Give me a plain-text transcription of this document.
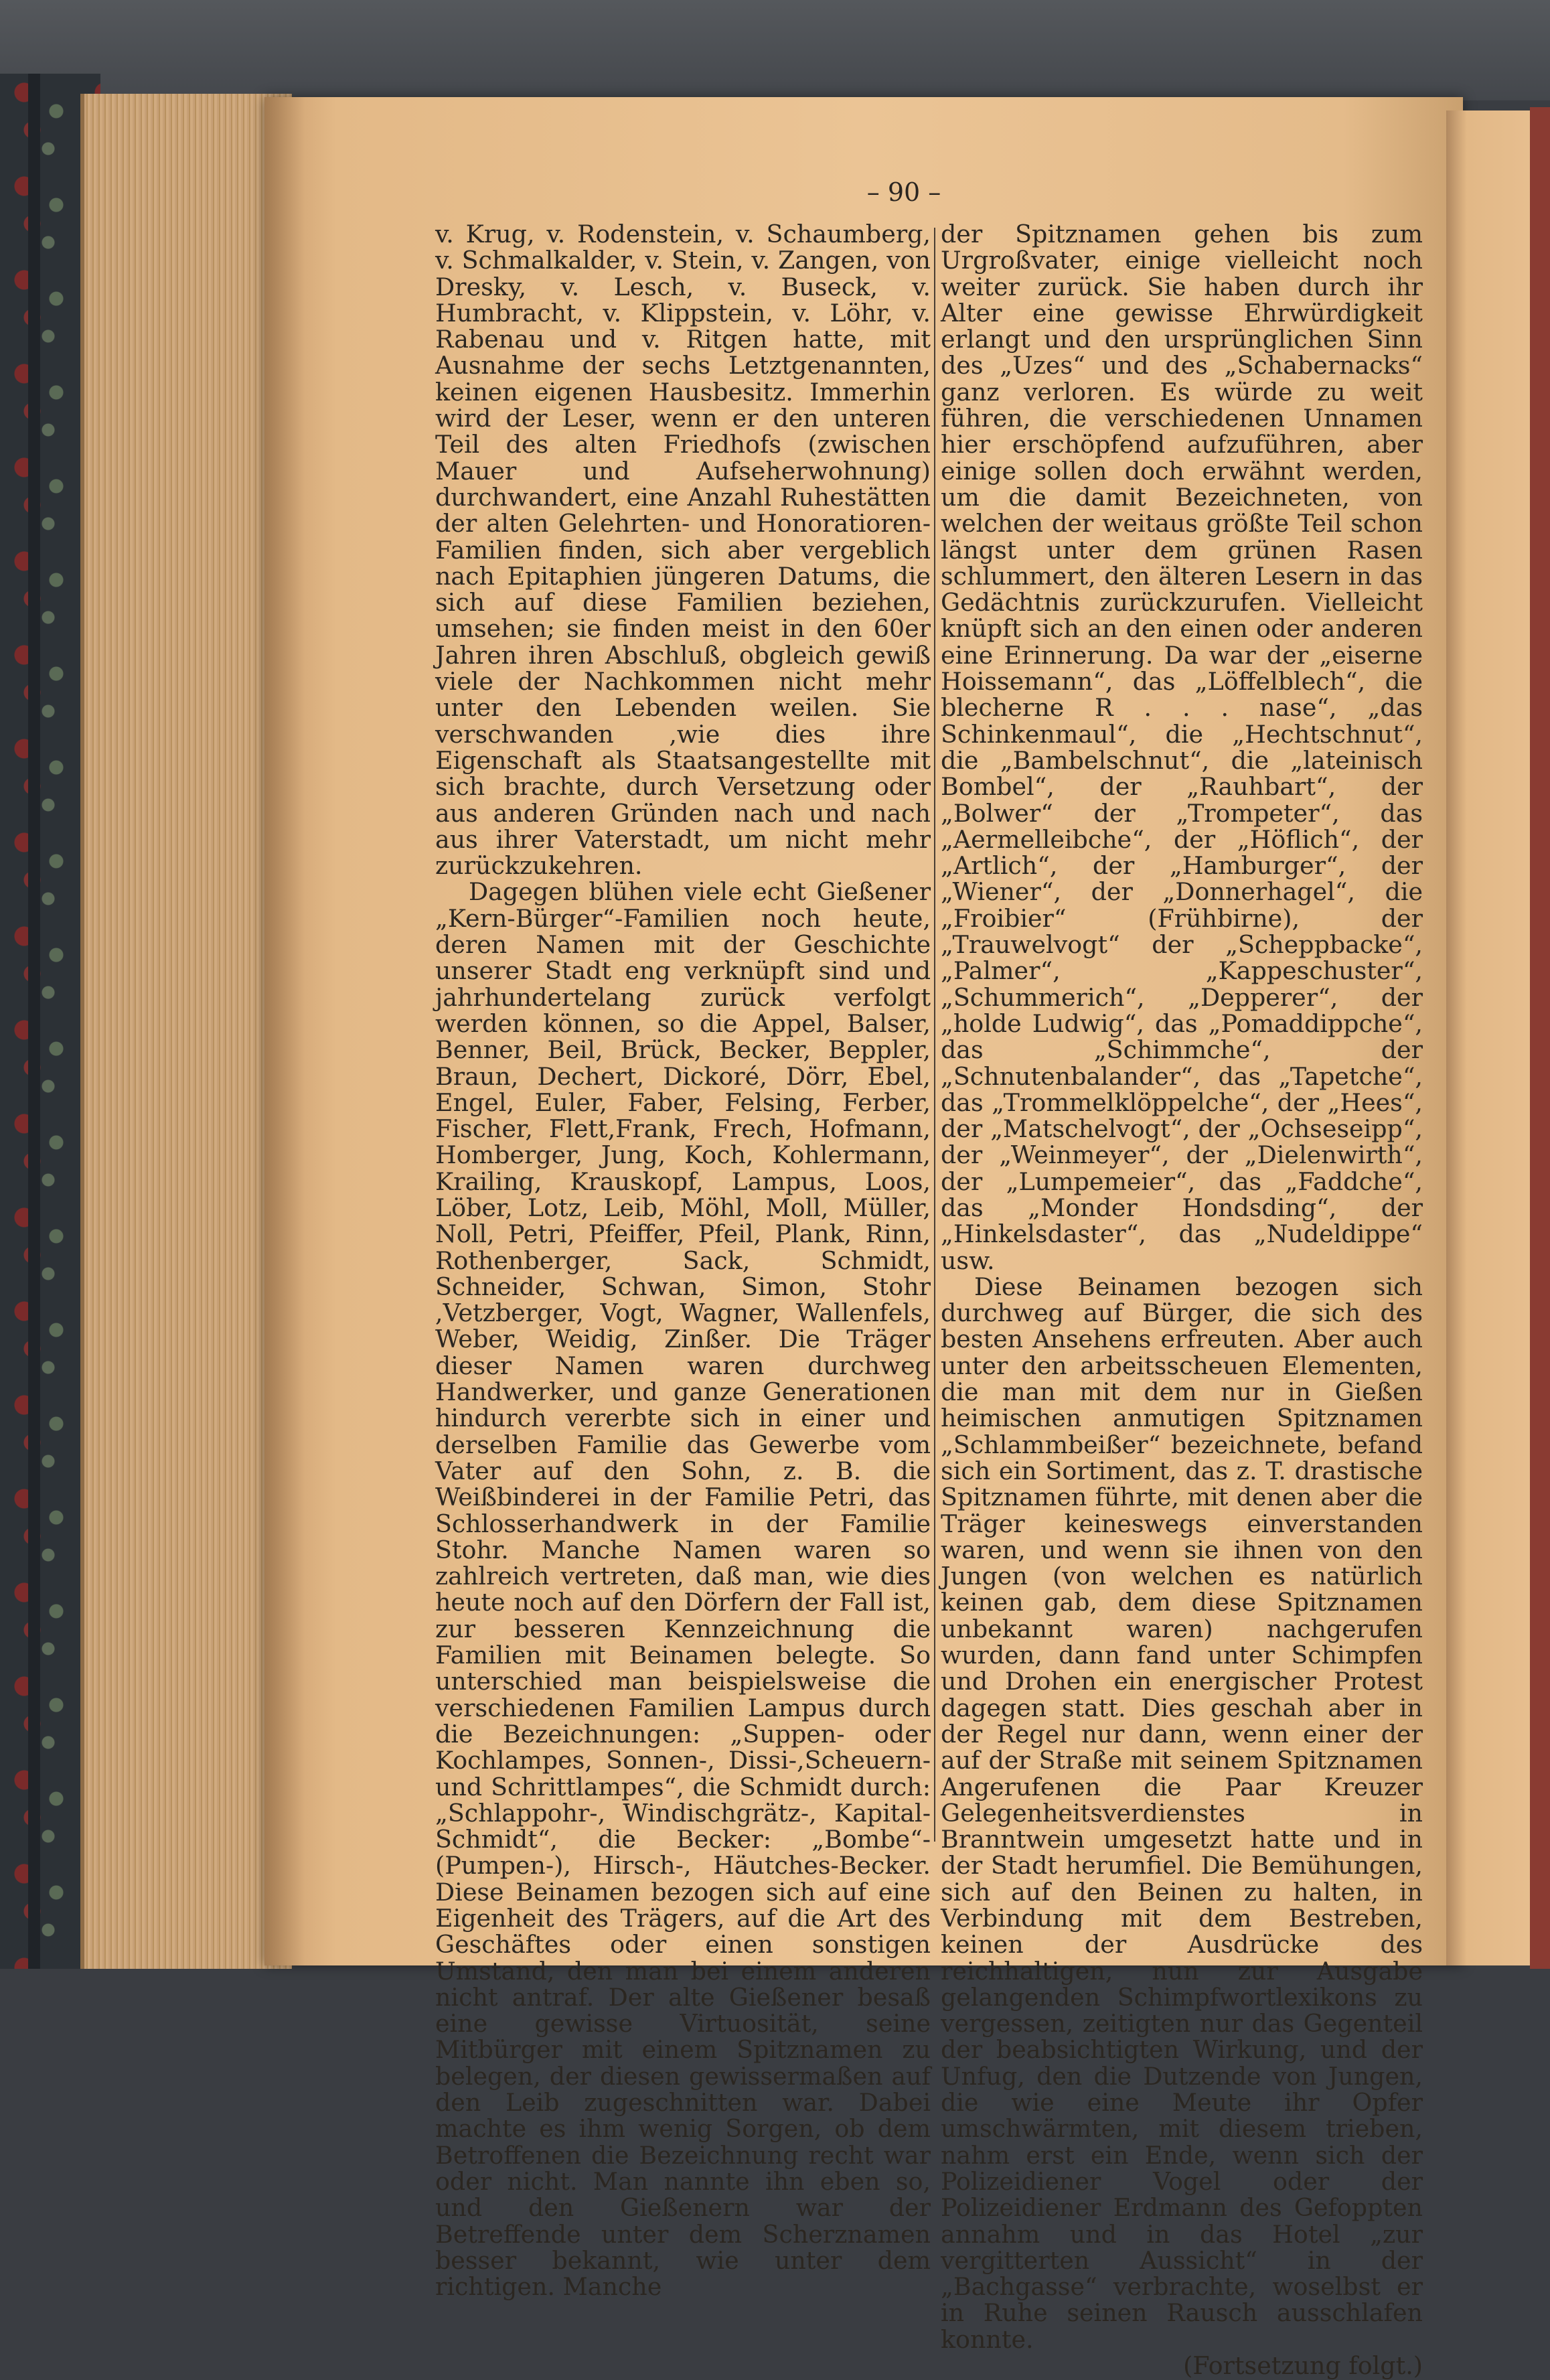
– 90 –

v. Krug, v. Rodenstein, v. Schaumberg, v. Schmalkalder, v. Stein, v. Zangen, von Dresky, v. Lesch, v. Buseck, v. Humbracht, v. Klippstein, v. Löhr, v. Rabenau und v. Ritgen hatte, mit Ausnahme der sechs Letztgenannten, keinen eigenen Hausbesitz. Immerhin wird der Leser, wenn er den unteren Teil des alten Friedhofs (zwischen Mauer und Aufseherwohnung) durchwandert, eine Anzahl Ruhestätten der alten Gelehrten- und Honoratioren-Familien finden, sich aber vergeblich nach Epitaphien jüngeren Datums, die sich auf diese Familien beziehen, umsehen; sie finden meist in den 60er Jahren ihren Abschluß, obgleich gewiß viele der Nachkommen nicht mehr unter den Lebenden weilen. Sie verschwanden ,wie dies ihre Eigenschaft als Staatsangestellte mit sich brachte, durch Versetzung oder aus anderen Gründen nach und nach aus ihrer Vaterstadt, um nicht mehr zurückzukehren.

Dagegen blühen viele echt Gießener „Kern-Bürger“-Familien noch heute, deren Namen mit der Geschichte unserer Stadt eng verknüpft sind und jahrhundertelang zurück verfolgt werden können, so die Appel, Balser, Benner, Beil, Brück, Becker, Beppler, Braun, Dechert, Dickoré, Dörr, Ebel, Engel, Euler, Faber, Felsing, Ferber, Fischer, Flett,Frank, Frech, Hofmann, Homberger, Jung, Koch, Kohlermann, Krailing, Krauskopf, Lampus, Loos, Löber, Lotz, Leib, Möhl, Moll, Müller, Noll, Petri, Pfeiffer, Pfeil, Plank, Rinn, Rothenberger, Sack, Schmidt, Schneider, Schwan, Simon, Stohr ,Vetzberger, Vogt, Wagner, Wallenfels, Weber, Weidig, Zinßer. Die Träger dieser Namen waren durchweg Handwerker, und ganze Generationen hindurch vererbte sich in einer und derselben Familie das Gewerbe vom Vater auf den Sohn, z. B. die Weißbinderei in der Familie Petri, das Schlosserhandwerk in der Familie Stohr. Manche Namen waren so zahlreich vertreten, daß man, wie dies heute noch auf den Dörfern der Fall ist, zur besseren Kennzeichnung die Familien mit Beinamen belegte. So unterschied man beispielsweise die verschiedenen Familien Lampus durch die Bezeichnungen: „Suppen- oder Kochlampes, Sonnen-, Dissi-,Scheuern- und Schrittlampes“, die Schmidt durch: „Schlappohr-, Windischgrätz-, Kapital-Schmidt“, die Becker: „Bombe“- (Pumpen-), Hirsch-, Häutches-Becker. Diese Beinamen bezogen sich auf eine Eigenheit des Trägers, auf die Art des Geschäftes oder einen sonstigen Umstand, den man bei einem anderen nicht antraf. Der alte Gießener besaß eine gewisse Virtuosität, seine Mitbürger mit einem Spitznamen zu belegen, der diesen gewissermaßen auf den Leib zugeschnitten war. Dabei machte es ihm wenig Sorgen, ob dem Betroffenen die Bezeichnung recht war oder nicht. Man nannte ihn eben so, und den Gießenern war der Betreffende unter dem Scherznamen besser bekannt, wie unter dem richtigen. Manche

der Spitznamen gehen bis zum Urgroßvater, einige vielleicht noch weiter zurück. Sie haben durch ihr Alter eine gewisse Ehrwürdigkeit erlangt und den ursprünglichen Sinn des „Uzes“ und des „Schabernacks“ ganz verloren. Es würde zu weit führen, die verschiedenen Unnamen hier erschöpfend aufzuführen, aber einige sollen doch erwähnt werden, um die damit Bezeichneten, von welchen der weitaus größte Teil schon längst unter dem grünen Rasen schlummert, den älteren Lesern in das Gedächtnis zurückzurufen. Vielleicht knüpft sich an den einen oder anderen eine Erinnerung. Da war der „eiserne Hoissemann“, das „Löffelblech“, die blecherne R . . . nase“, „das Schinkenmaul“, die „Hechtschnut“, die „Bambelschnut“, die „lateinisch Bombel“, der „Rauhbart“, der „Bolwer“ der „Trompeter“, das „Aermelleibche“, der „Höflich“, der „Artlich“, der „Hamburger“, der „Wiener“, der „Donnerhagel“, die „Froibier“ (Frühbirne), der „Trauwelvogt“ der „Scheppbacke“, „Palmer“, „Kappeschuster“, „Schummerich“, „Depperer“, der „holde Ludwig“, das „Pomaddippche“, das „Schimmche“, der „Schnutenbalander“, das „Tapetche“, das „Trommelklöppelche“, der „Hees“, der „Matschelvogt“, der „Ochseseipp“, der „Weinmeyer“, der „Dielenwirth“, der „Lumpemeier“, das „Faddche“, das „Monder Hondsding“, der „Hinkelsdaster“, das „Nudeldippe“ usw.

Diese Beinamen bezogen sich durchweg auf Bürger, die sich des besten Ansehens erfreuten. Aber auch unter den arbeitsscheuen Elementen, die man mit dem nur in Gießen heimischen anmutigen Spitznamen „Schlammbeißer“ bezeichnete, befand sich ein Sortiment, das z. T. drastische Spitznamen führte, mit denen aber die Träger keineswegs einverstanden waren, und wenn sie ihnen von den Jungen (von welchen es natürlich keinen gab, dem diese Spitznamen unbekannt waren) nachgerufen wurden, dann fand unter Schimpfen und Drohen ein energischer Protest dagegen statt. Dies geschah aber in der Regel nur dann, wenn einer der auf der Straße mit seinem Spitznamen Angerufenen die Paar Kreuzer Gelegenheitsverdienstes in Branntwein umgesetzt hatte und in der Stadt herumfiel. Die Bemühungen, sich auf den Beinen zu halten, in Verbindung mit dem Bestreben, keinen der Ausdrücke des reichhaltigen, nun zur Ausgabe gelangenden Schimpfwortlexikons zu vergessen, zeitigten nur das Gegenteil der beabsichtigten Wirkung, und der Unfug, den die Dutzende von Jungen, die wie eine Meute ihr Opfer umschwärmten, mit diesem trieben, nahm erst ein Ende, wenn sich der Polizeidiener Vogel oder der Polizeidiener Erdmann des Gefoppten annahm und in das Hotel „zur vergitterten Aussicht“ in der „Bachgasse“ verbrachte, woselbst er in Ruhe seinen Rausch ausschlafen konnte.

(Fortsetzung folgt.)
